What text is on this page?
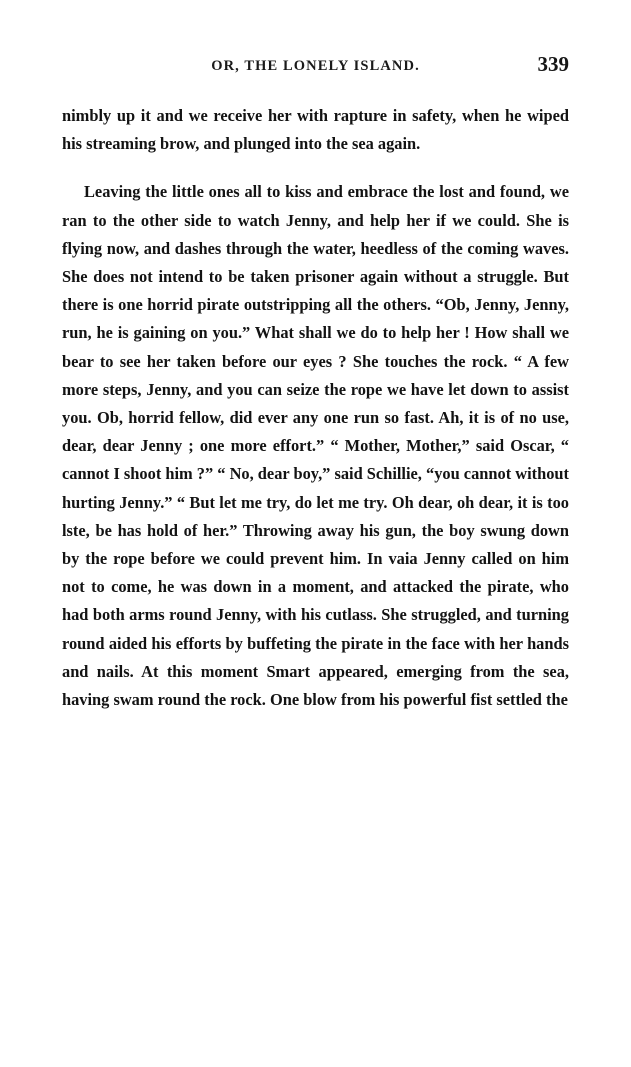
OR, THE LONELY ISLAND.	339

nimbly up it and we receive her with rapture in safety, when he wiped his streaming brow, and plunged into the sea again.

Leaving the little ones all to kiss and embrace the lost and found, we ran to the other side to watch Jenny, and help her if we could. She is flying now, and dashes through the water, heedless of the coming waves. She does not intend to be taken prisoner again without a struggle. But there is one horrid pirate outstripping all the others. “Ob, Jenny, Jenny, run, he is gaining on you.” What shall we do to help her ! How shall we bear to see her taken before our eyes ? She touches the rock. “ A few more steps, Jenny, and you can seize the rope we have let down to assist you. Ob, horrid fellow, did ever any one run so fast. Ah, it is of no use, dear, dear Jenny ; one more effort.” “ Mother, Mother,” said Oscar, “ cannot I shoot him ?” “ No, dear boy,” said Schillie, “you cannot without hurting Jenny.” “ But let me try, do let me try. Oh dear, oh dear, it is too lste, be has hold of her.” Throwing away his gun, the boy swung down by the rope before we could prevent him. In vaia Jenny called on him not to come, he was down in a moment, and attacked the pirate, who had both arms round Jenny, with his cutlass. She struggled, and turning round aided his efforts by buffeting the pirate in the face with her hands and nails. At this moment Smart appeared, emerging from the sea, having swam round the rock. One blow from his powerful fist settled the
